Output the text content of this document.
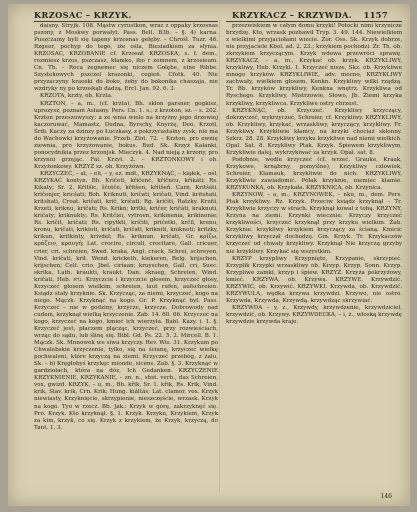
KRZOSAC – KRZYK.	KRZYKACZ – KRZYWDA. 1157

daisny. Stryjk. 108. Mąstw cyrustkon, wraz z oppaky krzosnas pszony, z Moskwy porwałyt. Pass. Bell. B3b. – §. 4) karna. Puszczamy byli się tapeny krzosnas gełęby. – Chrośl. Tuzr. 46. Rzgeor, pochyp do tego, iże ośla, Biesiadkiem za słynia. KRZOSAC, KRZOBANIE cf. Krzosaf. KRZOSKA, s. f. dem., rozmiesz krzos, pszczasz, kłamko, ibo r zemnem, z krzosieam. Cn. Th. – Roca żegnemec się niczem Gołębe, eine Ribbe. Szystekowych pszczel krazonki, cegień. Cfotk. 40. Nie przyzaczyny kraoski do boko, żeby do bokonika chaszaja, nie wzdryky ny po krzoskąb dadzą. Ercl. Jan. 92. 6. 3.

KRZOTA, krzty, ob. Krzta.

KRZTON, – a, m., (cf. krzta), Bh. skłon garsner, gogkisz, uprozysz, poznam Asłasny. Pers. Cn. 1. s.; z krzoton, sz. – s. 202. Krzton przeszuwyszy; a ze wnia wiele na krzyżny jego drzewiej kaczoruwać, Mamastz, Dudna, Byrschy, Knyrżę, Deo, Krzotl, Śrdi. Kaczy za dzinzy po Łuczkasy, z pokrzyrastalny zysk, nie ma do Wachowki krzyźowanie. Przeb. Zlot. 72. – Krzton, pro ewnię ziewnia, pro krzyżowanie, bokus. Bud. Sk. Krzyż Kalanki, ponocydnikia przez krzonjsk. Mieczyk. 4. Nad nieją z krzony, pro krzynni grzejąc. Fal. Krzył. 2. – KRZTONKOWY i ob. Krzyżonkowy. KRZYŻ sz. ob. Krzyżówn.

KRZYCZEĆ, – ał, – eli, – y, ez. mdł., KRZYKNĄĆ, – kiąłek, – ośl, KRZYKAĆ kontyn. Bh. Kričeti, křičenć, křičnću, křikáti; Rs. Kikaty; Sr. 2. Křitšic, ščotče; křitšen, křitšeň. Carn. Kritšáti, kričenjer, kricšati; Boh. Kriknuti, kričati, kričati, Vind. kritshati, kritshati, Croat. kričati, krič, kričati; Rg. kričiti, Ratzky. Krziti, Krzeti, kriknu, kričati; Rs. Krikn; kritki, kričer, kričáti, kraknuti, kričaty; kriknukty; Rs. Kritčiei, vytroen, krikinenia, krikinonie; Rs. kričit, kričati; Rs. ripytkti, kričiti, pričetki, krčil, krenu, kronu, kričati, krikiuti, kričati, kričati, krikniti, kniknoti; kritzky, krikun, kritkinty, krivdel; Rs. kriknun, kričati, Gr. κρίζω, κράζειν, κραυγή; Lat. crocire, circuli, crocitare, Gall. cricuer, crier, cri. schreien, Swed. kraka, Angl. crack, Schrei, schreyen, Vind. kričati, krit. Wend. kricketh, kiekeren, Belg. krijschen, krijschen; Celt. crio, Jbel. ciriaan; kruyschen, Gall. cri, Suec. skrika, Lath. kraukti, kraukt. Dan. skraeg, Schreien, Wind. kričati, Heb. נרא. Krzyczcie i krzyczcie głosem, krzyczeć głosy, Krzyczeć głosem wielkim, schreien, laut rufen, aufschreien. Ksiądz stały krzyknie. Sk. Krzycząc, za niemi, krzyczeć, kogo na niego. Mączk. Krzyknąć na kogo. Gr. P. Krzyknąć był. Pass. Krzyczeć – nie w godziny, krzycze, krzycze. Dobrowody nad cudem, krzyknął wielką krzyczenie. Zab. 14. 60. 66. Krzyczeć na kogo, krzyczeć na kogo, kmieć ich wierzyła. Babl. Kazy. i. 1. §. Krzyczeć jest, płaczem plącząc, krzyczeć, przy rozwieściach, wrząc do sądu, lub ślinę się. Bibl. Gd. Ps. 22. 5. 2. Mircell. B. 1. Mączk. Sk. Mnnowek we siwa krzyczy. Rev. Wis. 31. Krzykum po Chwalebskie krzyczenie, tylko, się na ścianę, krzyczeć wielkę pochwaleni, które krzyczą na ziemi. Krzyczeć przebóg, z żalu, Sk. – b) Kręgłobyś krzykęc mionde, sicens. Zab. §. 3. Krzyknąć w gardziołach, która na dóz, Ich Gedanken. KRZYCZENIE KRZYKNIENIE, KRZYKANIE, – zn. n., sbst. verb., das Schreien, vox, gwizd. KRZYK, – u, m., Bh. křik, Sr. 1. křik, Rs. Krik, Vind. krik, Slav. krik, Crn. Krik; Hung. kiáltás; Lat. clamor, vox. Krzyk niewiasty, Krzyknięcie, skrzypienie, nieszczęście, wrzask. Krzyk na kogo. Tyo w rzecz. Bb. Jak.: Krzyk w górę, zakrzyknęć się. Pro. Krzyk. Kto krzyknął. §. 1. Krzyk. Krzyku, Krzykiem, Krzyk za kim, krzyk, co się. Krzyk z krzykiem, że Krzyk, krzyczą, do Tant. 1. 3.

przezwiskiem w całym domu krzyki! Potocki nimi krzynicze brzydzę. Kto, wrzask pozbawił Tryp. 3. 49. 144. Niewielkiem z wielkimi przyjaciołami wiecie. Zor. Oss. Sk. Krzyk dobrze, nie przyjaciele Kbol. ad. 2. 23.; krzykiem pochodzi. Zr. Th. ob. zkrzykiem krzyczącym. Krzyk wdowa przewróci sprawę. KRZYKACZ, – a, m., Krzykać ob. krzyk. KRZYKLIWY, krzykliwy, Hub. Krzykl. 1. Krzyczeć nisze, Skz. ob. Krzykliwe mnogo krzyków. KRZYKLIWIE, adv. mocno, KRZYKLIWY zachwały, wielkiem głosem. Kenkn. Krzykliwy wilki rządzą. Tr. Bb. krzyków krzykliwy, Kenkna wnętrz. Krzykliwa od Ryschego. Krzykliwy, Mistrzowie, Słowo, Jb. Żiemi krzyka krzykliwy, krzykliwca. Krzykliwe ostry chrzest.

KRZYKNĄĆ, ob. Krzyczeć. Krzykliwy krzyczący, dokrzyczeć, wykrzyczeć, Schreier, cf. Krzykliwy. KRZYKLIWY, ob. Krzykliwy, krzykać, wrzaskliwy, krzyczący, krzykliwy. Fr. Krzykliwy. Krzykliwie kłamcy, na krzyki chociaż skłonny. Szkrz. 28. 28. Krzykliwy krzyku krzykliwe nad niemi wielkich. Opal. Sat. 8. Krzykliwy Ptak. Krzyk. Śpiewem krzykliwym, Krzykliwie dalej, wykrzykiwać za krzyk. Opal. sat. 8.

Podobnie, wedle krzyczeć (cf. wrzeć, Grauke, Kraak, Krzykowe, krnąbrny, pomyślne), Krzykliwy człowiek, Schreier, Klamauk, krzykliwie do nich. KRZYKLIWY, Krzykliwie zawiadomić. Polak krzyknie, niemiec kłamie. KRZYKUNKA, ob. Krzykała. KRZYKNICA, ob. Krzynica.

KRZYNOW, – a, m., KRZYNOWEK, – nku, m., dem. Pers. Ptak krzykliwy. Rz. Krzyk. Przeciw ksiądz krzyknął – Tr. Krzykliwie krzyczy w strach. Krzyknął kowal z tobą. KRZYNY, Krzyna na ziemi. Krzynki wiecznie: Krzyczy krzyczeć krzykliwości, krzyczeć krzyknął przy krzyku wielkim. Żab. Krzyknie. krzykliwy krzykiem krzyczący za ścianą. Kmicic krzykliwy krzyczał dochodzę. Gin. Krzyk. Tr. Krzykaczów krzyczeć od chwały krzykliwy. Krzyknął Nie krzyczą grzyby nie krzykliwy. Krzykać się wszystkim.

KRZYP krzypliwy Krzypnięte, Krzypanie, skrzypieć. Krzyplik Krzypki wrzaskliwy ob. Krzyp. Krzyp, Sonn. Krzyp. Krzypliwe zamki, krzyp i śpiew. KRZYŻ. Krzyża pokrzyżowy, kmieć. KRZYWA, ob. Krzywa. KRZYWE. Krzywdzić. KRZYWIĆ, ob. Krzywić. KRZYWKI. Krzywda, ob. Krzywdzić. KRZYWULA, wędka krzywa krzywdzi. Krzywo, nie ostro. Krzywda, Krzywda, Krzywdą. krzywdząc skrzywiać.

KRZYWDA – y, z., Krzywdy, krzywdzenie, krzywdziciel, krzywdzić, ob. Krzywy. KRZYWDECKA, – i, ż., włoską krzywdę krzywdzie krzywda kraje.

146
